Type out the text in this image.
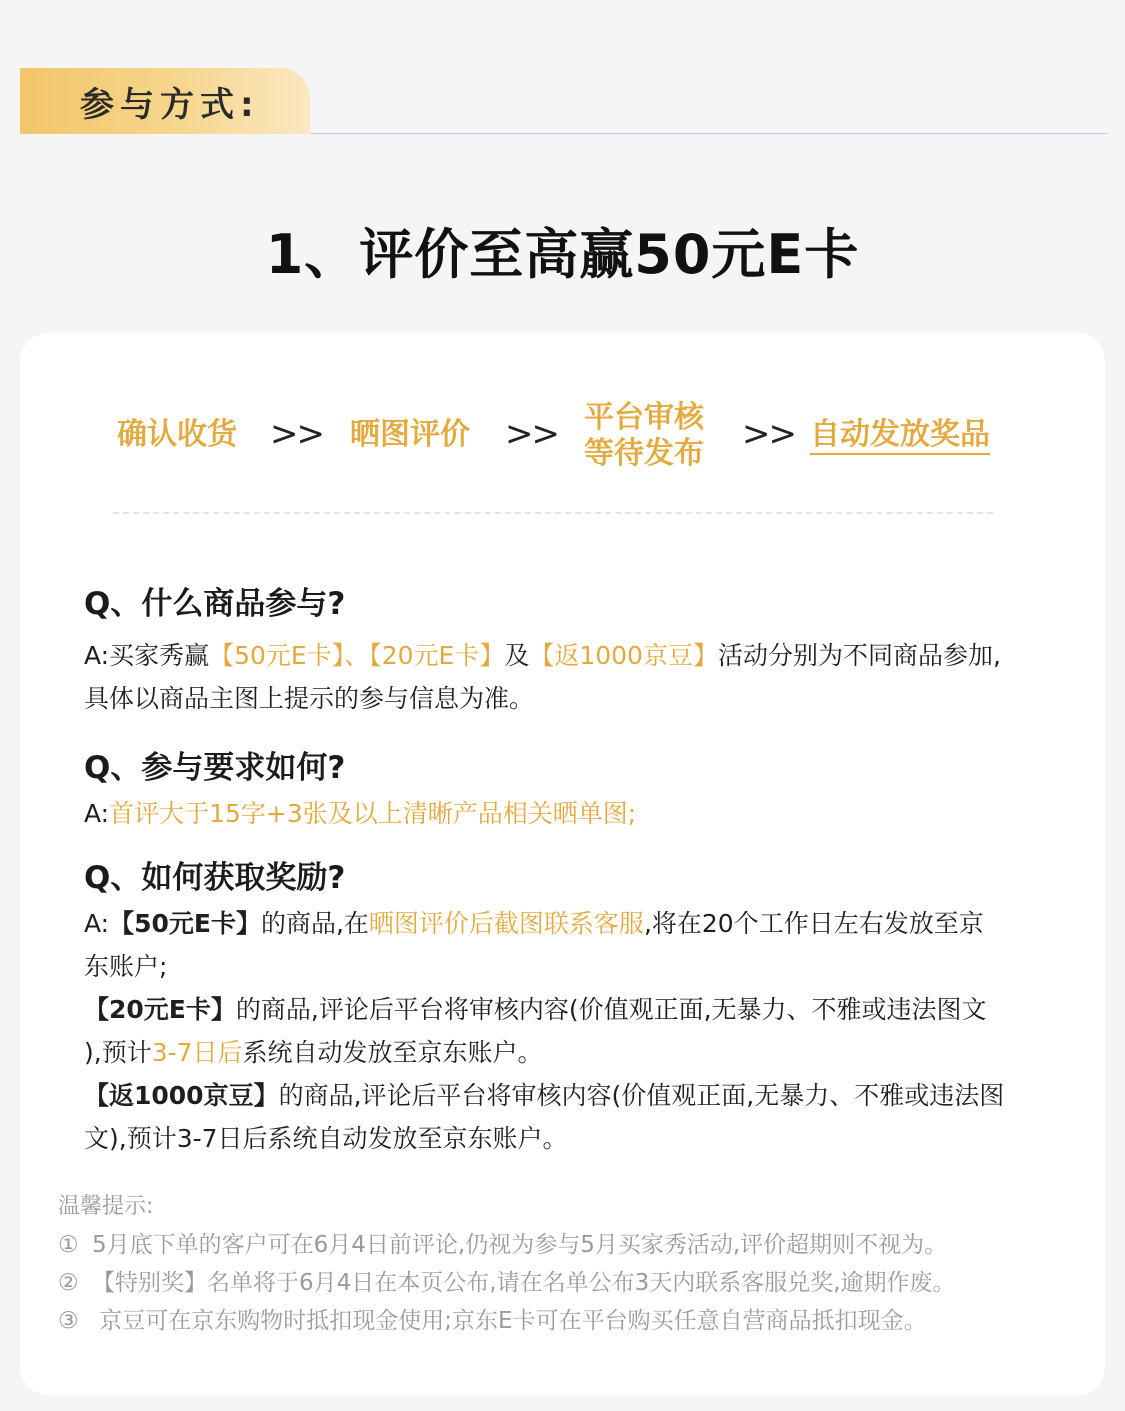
参与方式:
1、评价至高赢50元E卡
确认收货 >> 晒图评价 >> 平台审核
等待发布 >> 自动发放奖品
Q、什么商品参与?
A:买家秀赢【50元E卡】、【20元E卡】及【返1000京豆】活动分别为不同商品参加,
具体以商品主图上提示的参与信息为准。
Q、参与要求如何?
A:首评大于15字+3张及以上清晰产品相关晒单图;
Q、如何获取奖励?
A:【50元E卡】的商品,在晒图评价后截图联系客服,将在20个工作日左右发放至京
东账户;
【20元E卡】的商品,评论后平台将审核内容(价值观正面,无暴力、不雅或违法图文
),预计3-7日后系统自动发放至京东账户。
【返1000京豆】的商品,评论后平台将审核内容(价值观正面,无暴力、不雅或违法图
文),预计3-7日后系统自动发放至京东账户。
温馨提示:
① 5月底下单的客户可在6月4日前评论,仍视为参与5月买家秀活动,评价超期则不视为。
② 【特别奖】名单将于6月4日在本页公布,请在名单公布3天内联系客服兑奖,逾期作废。
③ 京豆可在京东购物时抵扣现金使用;京东E卡可在平台购买任意自营商品抵扣现金。
